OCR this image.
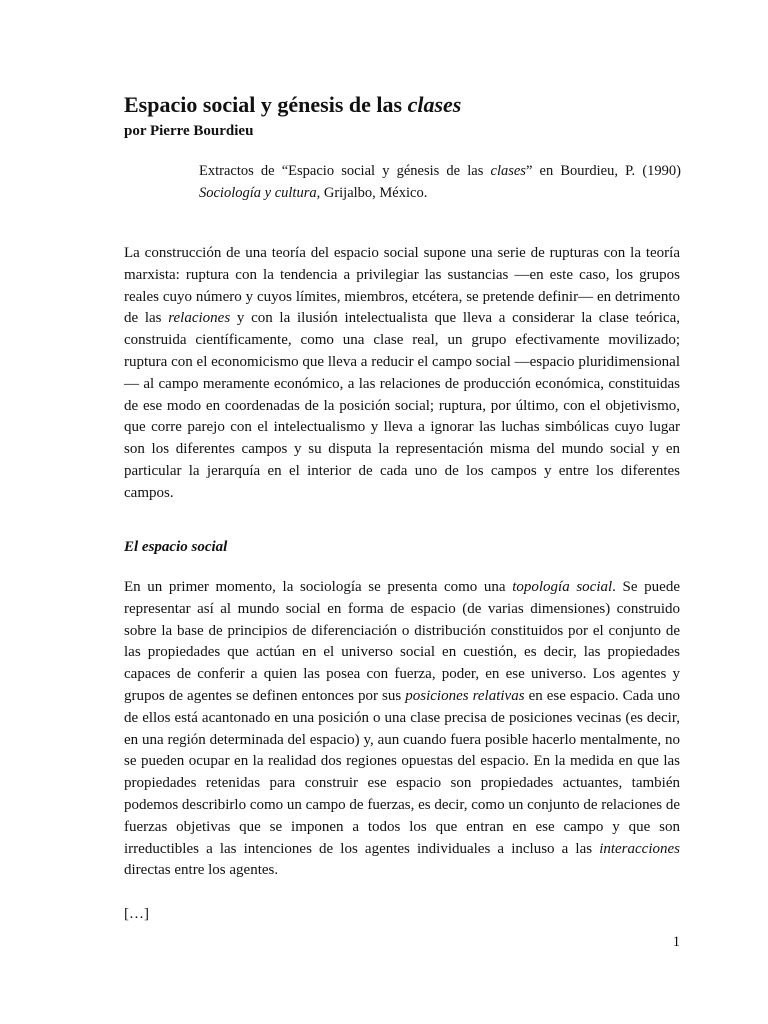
Espacio social y génesis de las clases

por Pierre Bourdieu

Extractos de “Espacio social y génesis de las clases” en Bourdieu, P. (1990) Sociología y cultura, Grijalbo, México.

La construcción de una teoría del espacio social supone una serie de rupturas con la teoría marxista: ruptura con la tendencia a privilegiar las sustancias —en este caso, los grupos reales cuyo número y cuyos límites, miembros, etcétera, se pretende definir— en detrimento de las relaciones y con la ilusión intelectualista que lleva a considerar la clase teórica, construida científicamente, como una clase real, un grupo efectivamente movilizado; ruptura con el economicismo que lleva a reducir el campo social —espacio pluridimensional— al campo meramente económico, a las relaciones de producción económica, constituidas de ese modo en coordenadas de la posición social; ruptura, por último, con el objetivismo, que corre parejo con el intelectualismo y lleva a ignorar las luchas simbólicas cuyo lugar son los diferentes campos y su disputa la representación misma del mundo social y en particular la jerarquía en el interior de cada uno de los campos y entre los diferentes campos.

El espacio social

En un primer momento, la sociología se presenta como una topología social. Se puede representar así al mundo social en forma de espacio (de varias dimensiones) construido sobre la base de principios de diferenciación o distribución constituidos por el conjunto de las propiedades que actúan en el universo social en cuestión, es decir, las propiedades capaces de conferir a quien las posea con fuerza, poder, en ese universo. Los agentes y grupos de agentes se definen entonces por sus posiciones relativas en ese espacio. Cada uno de ellos está acantonado en una posición o una clase precisa de posiciones vecinas (es decir, en una región determinada del espacio) y, aun cuando fuera posible hacerlo mentalmente, no se pueden ocupar en la realidad dos regiones opuestas del espacio. En la medida en que las propiedades retenidas para construir ese espacio son propiedades actuantes, también podemos describirlo como un campo de fuerzas, es decir, como un conjunto de relaciones de fuerzas objetivas que se imponen a todos los que entran en ese campo y que son irreductibles a las intenciones de los agentes individuales a incluso a las interacciones directas entre los agentes.

[…]

1
